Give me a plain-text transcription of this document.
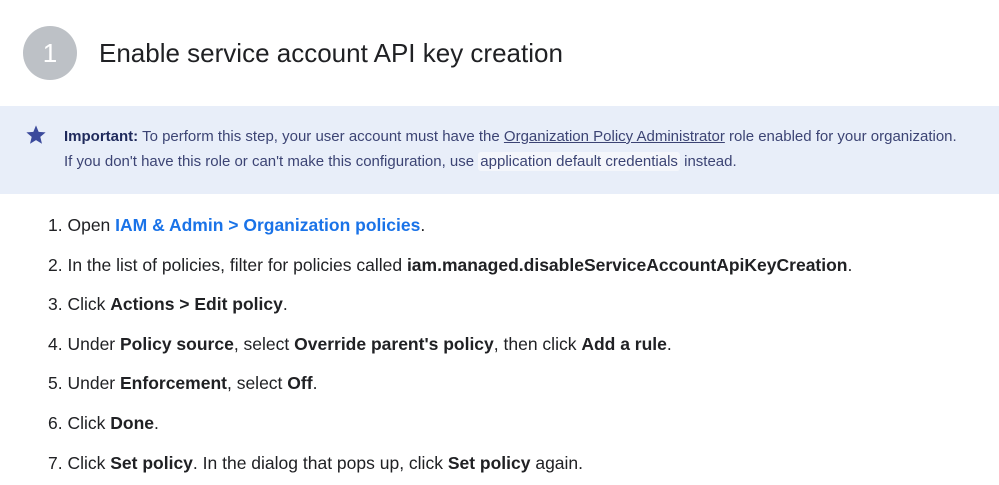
1	Enable service account API key creation
Important: To perform this step, your user account must have the Organization Policy Administrator role enabled for your organization. If you don't have this role or can't make this configuration, use application default credentials instead.
1. Open IAM & Admin > Organization policies.
2. In the list of policies, filter for policies called iam.managed.disableServiceAccountApiKeyCreation.
3. Click Actions > Edit policy.
4. Under Policy source, select Override parent's policy, then click Add a rule.
5. Under Enforcement, select Off.
6. Click Done.
7. Click Set policy. In the dialog that pops up, click Set policy again.
